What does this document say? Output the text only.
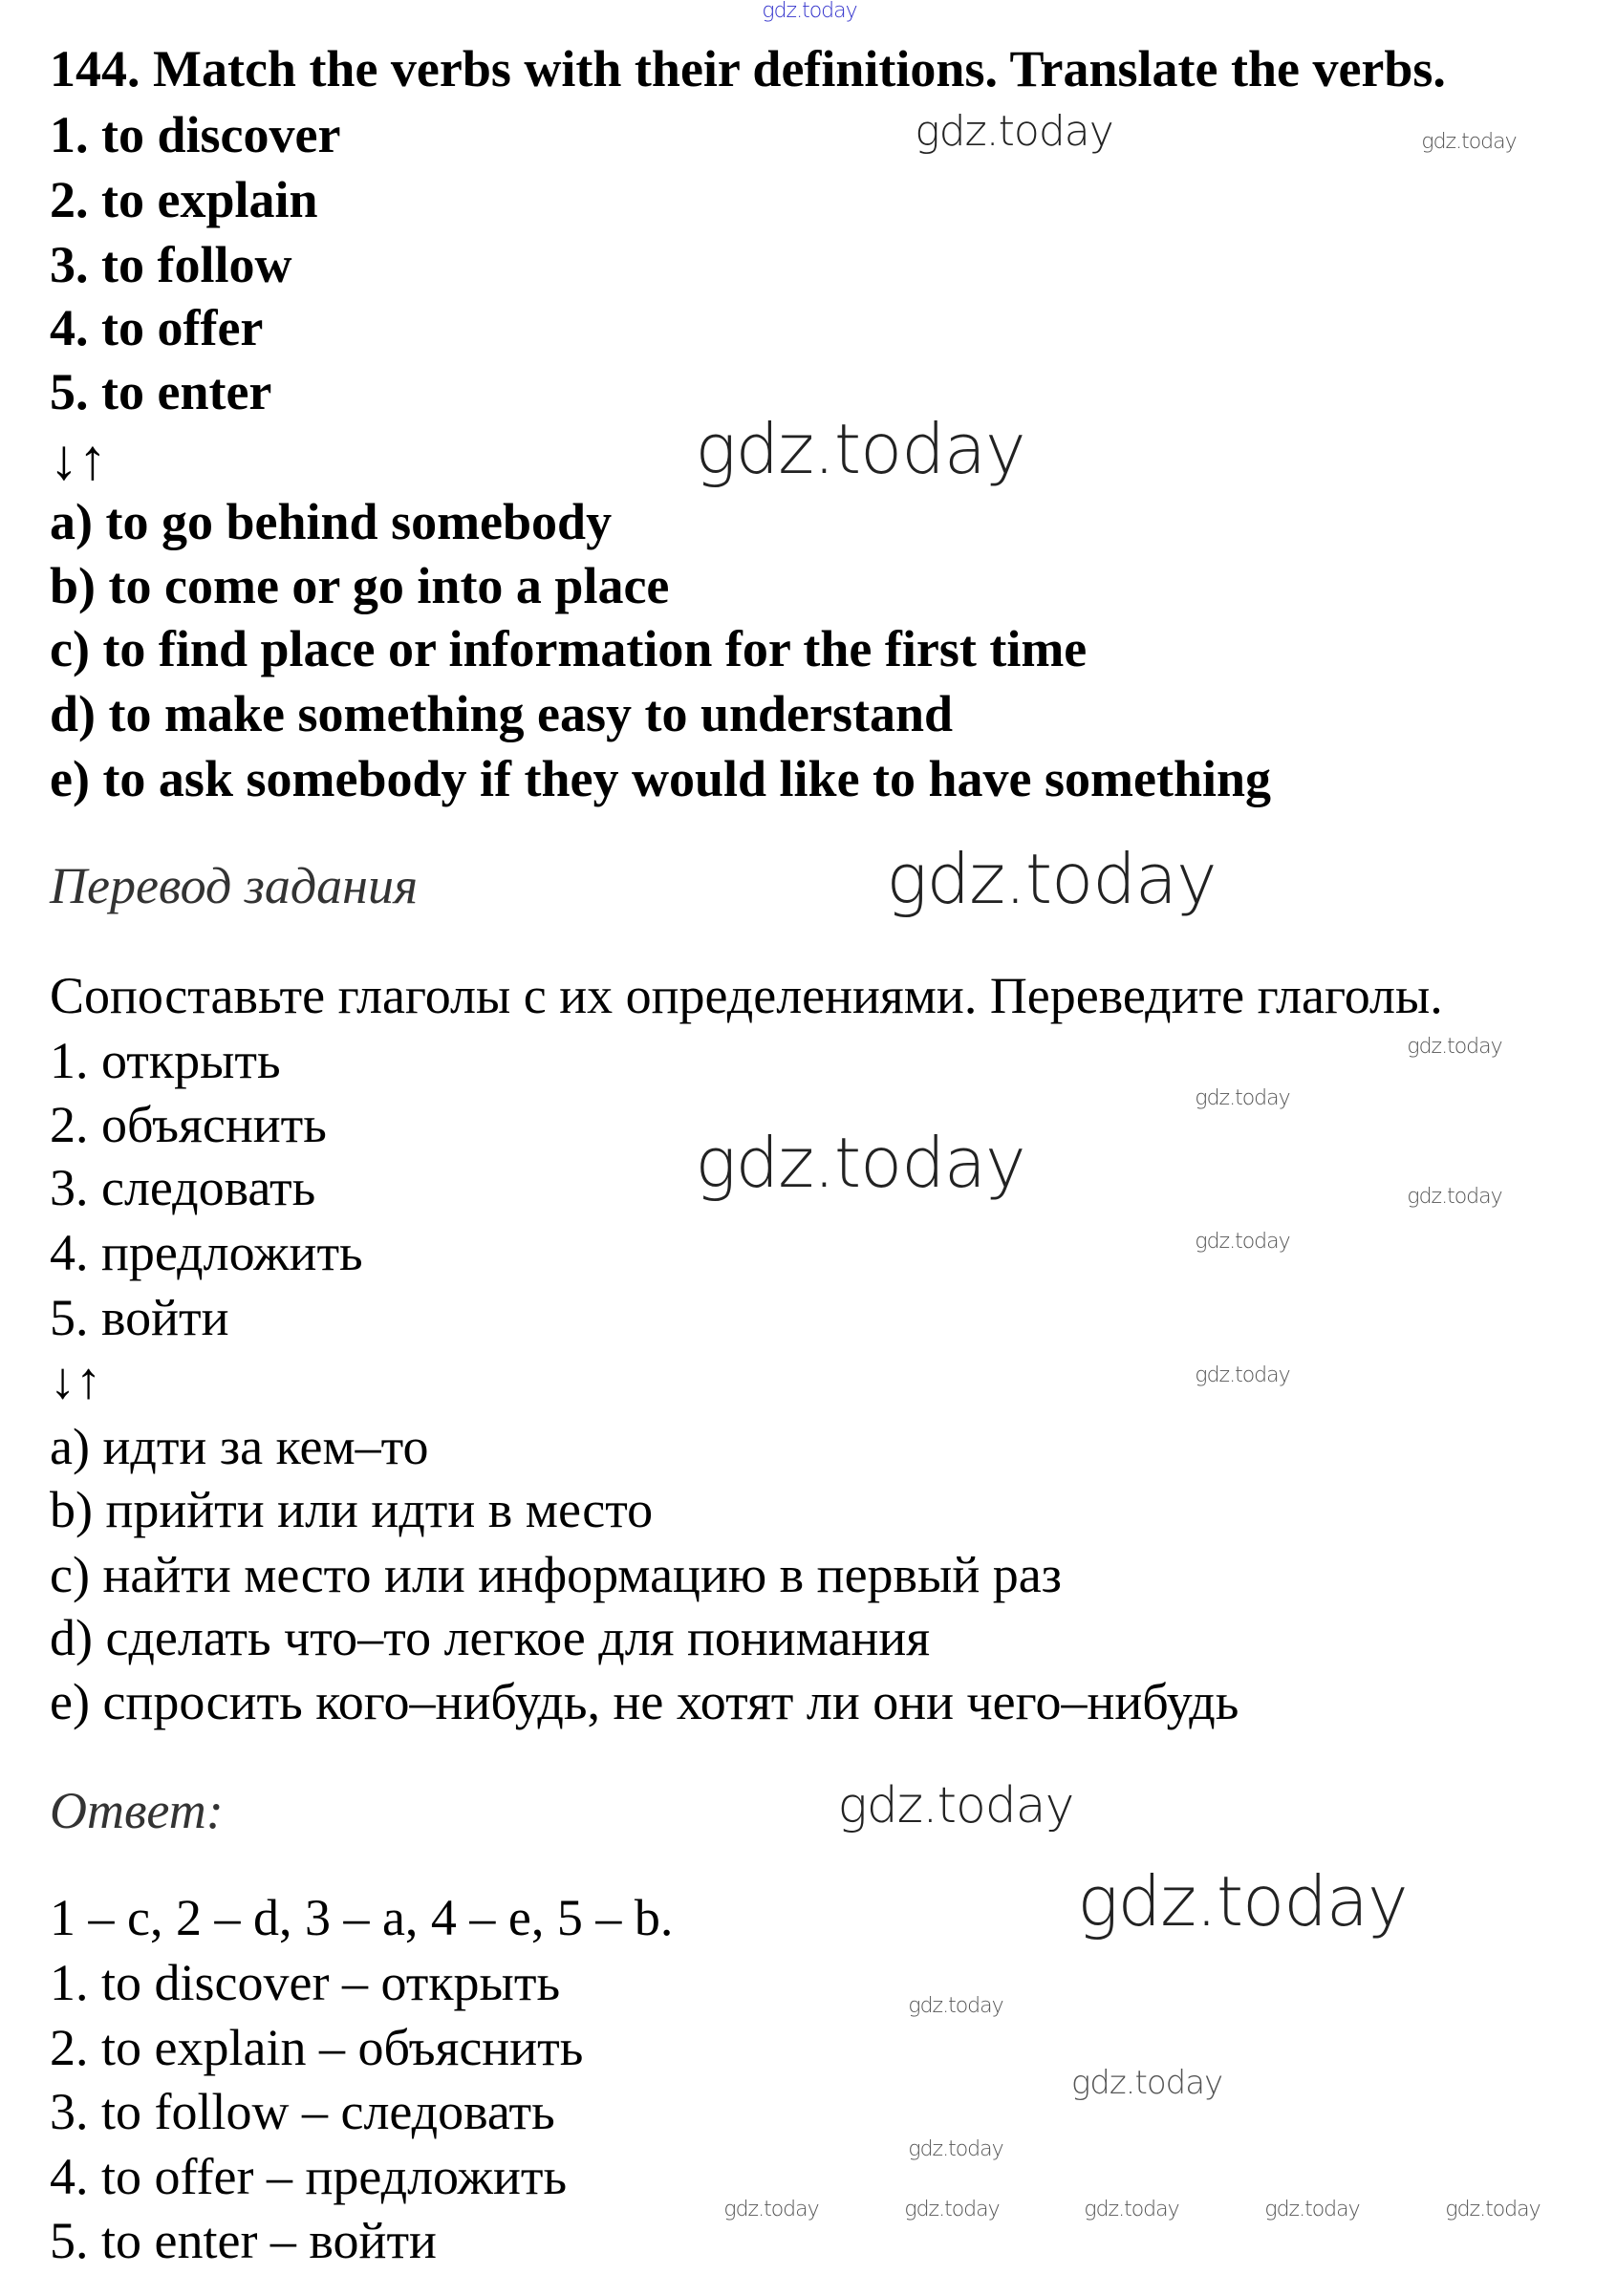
144. Match the verbs with their definitions. Translate the verbs.
1. to discover
2. to explain
3. to follow
4. to offer
5. to enter
↓↑
a) to go behind somebody
b) to come or go into a place
c) to find place or information for the first time
d) to make something easy to understand
e) to ask somebody if they would like to have something
Перевод задания
Сопоставьте глаголы с их определениями. Переведите глаголы.
1. открыть
2. объяснить
3. следовать
4. предложить
5. войти
↓↑
a) идти за кем–то
b) прийти или идти в место
c) найти место или информацию в первый раз
d) сделать что–то легкое для понимания
e) спросить кого–нибудь, не хотят ли они чего–нибудь
Ответ:
1 – c, 2 – d, 3 – a, 4 – e, 5 – b.
1. to discover – открыть
2. to explain – объяснить
3. to follow – следовать
4. to offer – предложить
5. to enter – войти
gdz.today
gdz.today	gdz.today
gdz.today
gdz.today
gdz.today
gdz.today
gdz.today	gdz.today
gdz.today
gdz.today
gdz.today
gdz.today
gdz.today
gdz.today
gdz.today
gdz.today	gdz.today	gdz.today	gdz.today	gdz.today
